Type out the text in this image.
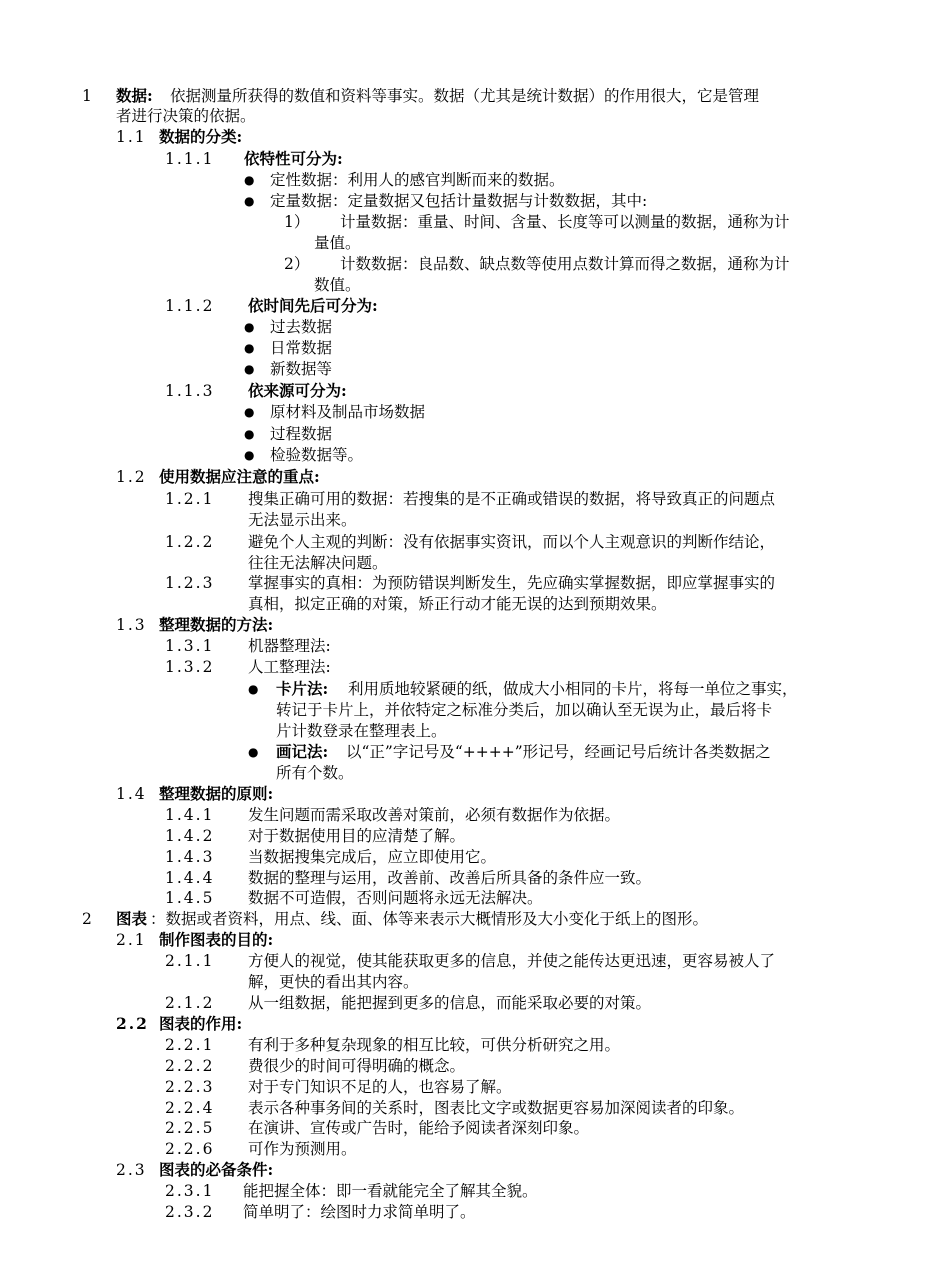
1 数据: 依据测量所获得的数值和资料等事实。数据（尤其是统计数据）的作用很大，它是管理
者进行决策的依据。
1.1 数据的分类:
1.1.1 依特性可分为:
● 定性数据：利用人的感官判断而来的数据。
● 定量数据：定量数据又包括计量数据与计数数据，其中:
1） 计量数据：重量、时间、含量、长度等可以测量的数据，通称为计
量值。
2） 计数数据：良品数、缺点数等使用点数计算而得之数据，通称为计
数值。
1.1.2 依时间先后可分为:
● 过去数据
● 日常数据
● 新数据等
1.1.3 依来源可分为:
● 原材料及制品市场数据
● 过程数据
● 检验数据等。
1.2 使用数据应注意的重点:
1.2.1 搜集正确可用的数据：若搜集的是不正确或错误的数据，将导致真正的问题点
无法显示出来。
1.2.2 避免个人主观的判断：没有依据事实资讯，而以个人主观意识的判断作结论，
往往无法解决问题。
1.2.3 掌握事实的真相：为预防错误判断发生，先应确实掌握数据，即应掌握事实的
真相，拟定正确的对策，矫正行动才能无误的达到预期效果。
1.3 整理数据的方法:
1.3.1 机器整理法:
1.3.2 人工整理法:
● 卡片法: 利用质地较紧硬的纸，做成大小相同的卡片，将每一单位之事实，
转记于卡片上，并依特定之标准分类后，加以确认至无误为止，最后将卡
片计数登录在整理表上。
● 画记法: 以“正”字记号及“++++”形记号，经画记号后统计各类数据之
所有个数。
1.4 整理数据的原则:
1.4.1 发生问题而需采取改善对策前，必须有数据作为依据。
1.4.2 对于数据使用目的应清楚了解。
1.4.3 当数据搜集完成后，应立即使用它。
1.4.4 数据的整理与运用，改善前、改善后所具备的条件应一致。
1.4.5 数据不可造假，否则问题将永远无法解决。
2 图表 ：数据或者资料，用点、线、面、体等来表示大概情形及大小变化于纸上的图形。
2.1 制作图表的目的:
2.1.1 方便人的视觉，使其能获取更多的信息，并使之能传达更迅速，更容易被人了
解，更快的看出其内容。
2.1.2 从一组数据，能把握到更多的信息，而能采取必要的对策。
2.2 图表的作用:
2.2.1 有利于多种复杂现象的相互比较，可供分析研究之用。
2.2.2 费很少的时间可得明确的概念。
2.2.3 对于专门知识不足的人，也容易了解。
2.2.4 表示各种事务间的关系时，图表比文字或数据更容易加深阅读者的印象。
2.2.5 在演讲、宣传或广告时，能给予阅读者深刻印象。
2.2.6 可作为预测用。
2.3 图表的必备条件:
2.3.1 能把握全体：即一看就能完全了解其全貌。
2.3.2 简单明了：绘图时力求简单明了。
